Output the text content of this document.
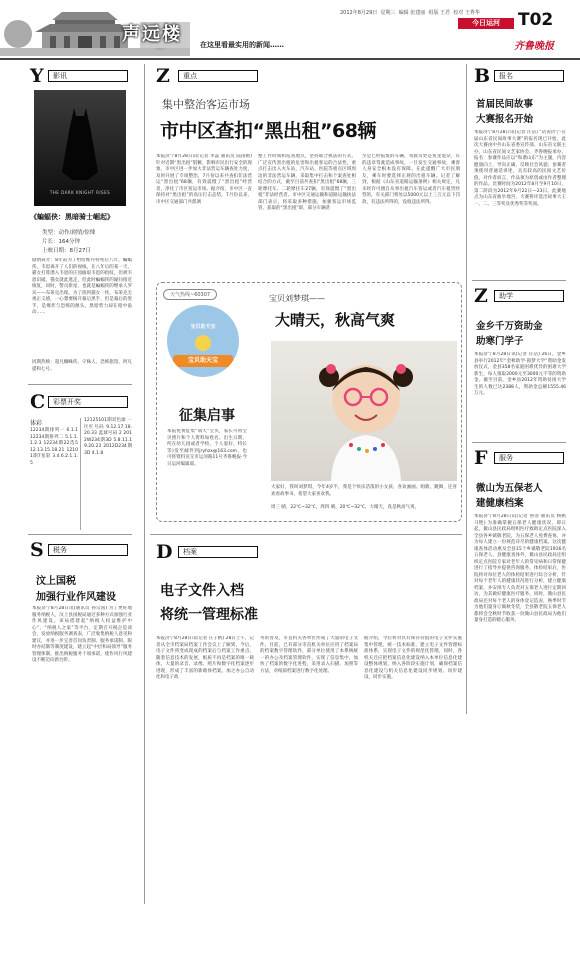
声远楼	在这里看最实用的新闻……
2012年8月29日 星期三 编辑 张建丽 组版 王君 校对 王秀华
今日运河	T02
齐鲁晚报
Y	影讯
THE DARK KNIGHT RISES
《蝙蝠侠：黑暗骑士崛起》
类型：动作/剧情/惊悚
片长：164分钟
上映日期：8月27日
剧情简介：8年前为了给哈维丹特死后八年，蝙蝠侠、韦恩离开了人们的视线，在八年后的某一天，猫女打算潜入韦恩的庄园偷取韦恩的指纹，但被韦恩识破，猫女就此逃走，但此时蝙蝠侠的疑问接近恢复，同时，警员新星，也就是蝙蝠侠的继承人罗宾——布莱克出现。为了找到猫女一伙，布莱克无视正义感，一心想要揭开幕后黑手，但是幕后的黑手，是爆炸与恐怖的源头。黑暗势力却在暗中诡动……
同期热映：超凡蜘蛛侠、守株人、恐怖旅馆、阿凡提和七号。
C	彩票开奖
体彩
12234期排列一 6.1.1 12234期排列二 5.1.1.1.2.3 12234期22选5 12.13.15.18.21 12101期7星彩 3.4.6.2.1.1.5
12125101期双色球 一区红号码 9.12.17.18.20.33 蓝球号码 2 2012W234期3D 5.8.11.19.20.23 2012D234期3D 4.1.8
S	税务
汶上国税
加强行业作风建设
本报济宁8月28日讯(通讯员 孙宗国) 为了更好地服务纳税人，汶上县国税局通过多种方式加强行业作风建设。该局搭建起“纳税人权益维护中心”、“纳税人之家”等平台，定期召开税企恳谈会，发放纳税服务调查表，广泛收集纳税人意见和建议，并进一步完善首问负责制、服务承诺制、限时办结制等制度建设，建立起“中层和局领导”服务管理体制，推出纳税服务十项承诺，使作风行风建设不断迈向新台阶。
Z	重点
集中整治客运市场
市中区查扣“黑出租”68辆
本报济宁8月28日讯(记者 李蕊 通讯员 陆国勋) 针对近期“黑出租”猖獗、影响市民出行安全的现象，市中区进一步加大非法营运车辆查处力度，及时开展了专项整治，7月份以来共查扣非法营运“黑出租”68辆，有效震慑了“黑出租”经营者，净化了市区客运市场。据介绍，市中区一直保持对“黑出租”的高压打击态势，7月份以来，市中区交通部门共派调
整工作时间和巡查地点，坚持联合执法的方式，广泛宣传黑出租的危害和出租客运的合法性，重点打击出入火车站、汽车站、医院等重点区域周边的非法营运车辆，采取集中打击和个案查处相结合的方式，截至目前共查扣“黑出租”68辆，三轮摩托车、二轮摩托车27辆，有效震慑了“黑出租”非法经营者。市中区交通运输和道路运输执法部门表示，将采取多种措施，加强客运市场监管，获取的“黑出租”即，部分车辆甚
至是已经报废的车辆，驾驶员更是鱼龙混杂，有的违章驾驶造成事故，一旦发生交通事故，乘客人身安全根本没有保障。在此提醒广大市民朋友，乘车时要选择正规的出租车辆。记者了解到，根据《山东省道路运输条例》相关规定，凡未经许可擅自从事出租汽车客运或者汽车租赁经营的，有关部门将处以5000元以上三万元以下罚款，有违法所得的，没收违法所得。
天气热线~60307
宝贝助天宝
宝贝助天宝
征集启事
本报免费征集“萌天”宝贝，家长可将宝贝照片和个人资料如姓名、出生日期、所在幼儿园或者学校、个人爱好、特长等)发至邮件到jryhzx@163.com，也可将资料送交市运河路11号齐鲁晚报·今日运河编辑部。
宝贝刘梦琪——
大晴天，秋高气爽
大家好，我叫刘梦琪，今年4岁半，我是个快乐活泼的小女孩，喜欢画画、唱歌、跳舞，还喜欢看故事书，希望大家喜欢我。
周三 晴，22℃~32℃，周四 晴，20℃~32℃，大晴天，真是秋高气爽。
D	档案
电子文件入档
将统一管理标准
本报济宁8月28日讯(记者 庄子帆) 28日上午，记者从全市档案局档案工作会议上了解到，今后，电子文件将变成现成的档案后与档案工作重点。随着信息技术的发展，纸质不再是档案的唯一载体，大量的录音、录像、照片和数字化档案逐步进现，形成了丰富的新载体档案。加之办公自动化和电子政
务的普及，市直机关各单位形成了大量的电子文件。目前，已有部分市直机关单位应用了档案局的档案数字管理软件，部分单位使用了本系统统一的办公及档案管理软件，实现了信息集中，加快了档案的数字化进程，采用录入扫描、加照等方法，对纸质档案进行数字化处理。
据介绍，今后将对具有保存价值的电子文件实施集中管理，统一技术标准，建立电子文件管理标准体系，实现电子文件的规范化管理，同时，各机关还应把档案信息化建设纳入本单位信息化建设整体规划，纳入各阶段实施计划，确保档案信息化建设与机关信息化建设同步规划、同步建设、同步实施。
B	报名
首届民间故事
大赛报名开始
本报济宁8月28日讯(记者 汪洁) “话说济宁·首届山东省民间故事大赛”的报名现已开始，此次大赛由中共山东省委宣传部、山东省文联主办，山东省民间文艺家协会、齐鲁晚报承办。报名：参赛作品应以“和谐山东”为主题，内容健康向上，导向正确，反映社会风貌；参赛者须使用普通话讲述，具有较高的民间文艺价值，对作者而言，作品须为原创或由作者整理的作品。比赛时间为2012年8月至9月10日，第二阶段为2012年9月22日—23日。此赛地点为山东省曲阜地宫，大赛将评选出故事大王一、二、三等奖及优秀奖等奖项。
Z	助学
金乡千万资助金
助寒门学子
本报济宁8月28日讯(记者 汪洁) 26日，金乡县举行2012年“金秋助学·圆梦大学”资助金发放仪式，金县358名家庭困难优异的困难大学新生，每人领取2000元至3000元不等的资助金。截至目前，金乡县2012年资助贫困大学生的人数已达2388人，资助金总额1555.46万元。
F	服务
微山为五保老人
建健康档案
本报济宁8月28日讯(记者 鲁清 通讯员 杨帆 马艳) 为准确掌握五保老人健康状况，即日起，微山县民政局组织医疗救助定点医院深入全县各乡镇敬老院，为五保老人免费查体，并为每人建立一份规范详尽的健康档案。这次健康查体活动惠及全县15个乡镇敬老院1916名五保老人，县健康查体外，微山县民政局还组织定点医院专家对老年人的常见病和日常保健进行了指导并提供咨询服务，体检结束后，医院将对每位老人的体检结果进行综合分析，针对每个老年人的健康状况进行分析，建立健康档案，并安排专人负责对五保老人进行定期回访，为其做好健康医疗服务。同时，微山县民政局还对每个老人的身体登记造表，换季时节为他们量身订做秋冬装，全县敬老院五保老人都将会全秋时节收获一份微山县民政局为他们量身打造的暖心服务。
